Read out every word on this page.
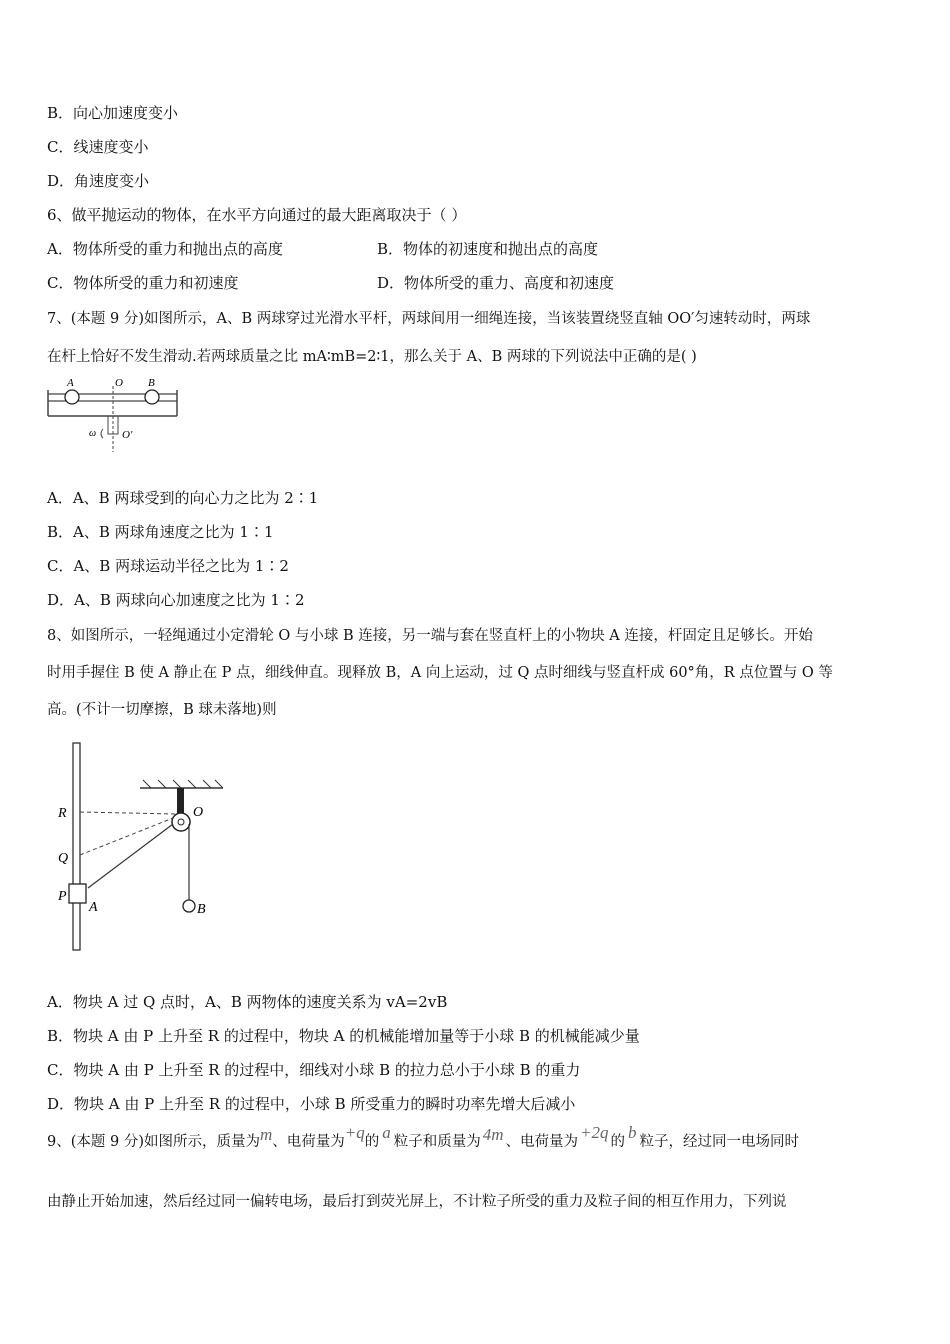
B．向心加速度变小
C．线速度变小
D．角速度变小
6、做平抛运动的物体，在水平方向通过的最大距离取决于（ ）
A．物体所受的重力和抛出点的高度	B．物体的初速度和抛出点的高度
C．物体所受的重力和初速度	D．物体所受的重力、高度和初速度
7、(本题 9 分)如图所示，A、B 两球穿过光滑水平杆，两球间用一细绳连接，当该装置绕竖直轴 OO′匀速转动时，两球
在杆上恰好不发生滑动.若两球质量之比 mA∶mB=2∶1，那么关于 A、B 两球的下列说法中正确的是( )
A	O B
ω O′
A．A、B 两球受到的向心力之比为 2∶1
B．A、B 两球角速度之比为 1∶1
C．A、B 两球运动半径之比为 1∶2
D．A、B 两球向心加速度之比为 1∶2
8、如图所示，一轻绳通过小定滑轮 O 与小球 B 连接，另一端与套在竖直杆上的小物块 A 连接，杆固定且足够长。开始
时用手握住 B 使 A 静止在 P 点，细线伸直。现释放 B，A 向上运动，过 Q 点时细线与竖直杆成 60°角，R 点位置与 O 等
高。(不计一切摩擦，B 球未落地)则
R
Q
P
A
O
B
A．物块 A 过 Q 点时，A、B 两物体的速度关系为 vA=2vB
B．物块 A 由 P 上升至 R 的过程中，物块 A 的机械能增加量等于小球 B 的机械能减少量
C．物块 A 由 P 上升至 R 的过程中，细线对小球 B 的拉力总小于小球 B 的重力
D．物块 A 由 P 上升至 R 的过程中，小球 B 所受重力的瞬时功率先增大后减小
9、(本题 9 分)如图所示，质量为m、电荷量为+q的 a 粒子和质量为 4m 、电荷量为 +2q 的 b 粒子，经过同一电场同时
由静止开始加速，然后经过同一偏转电场，最后打到荧光屏上，不计粒子所受的重力及粒子间的相互作用力，下列说
